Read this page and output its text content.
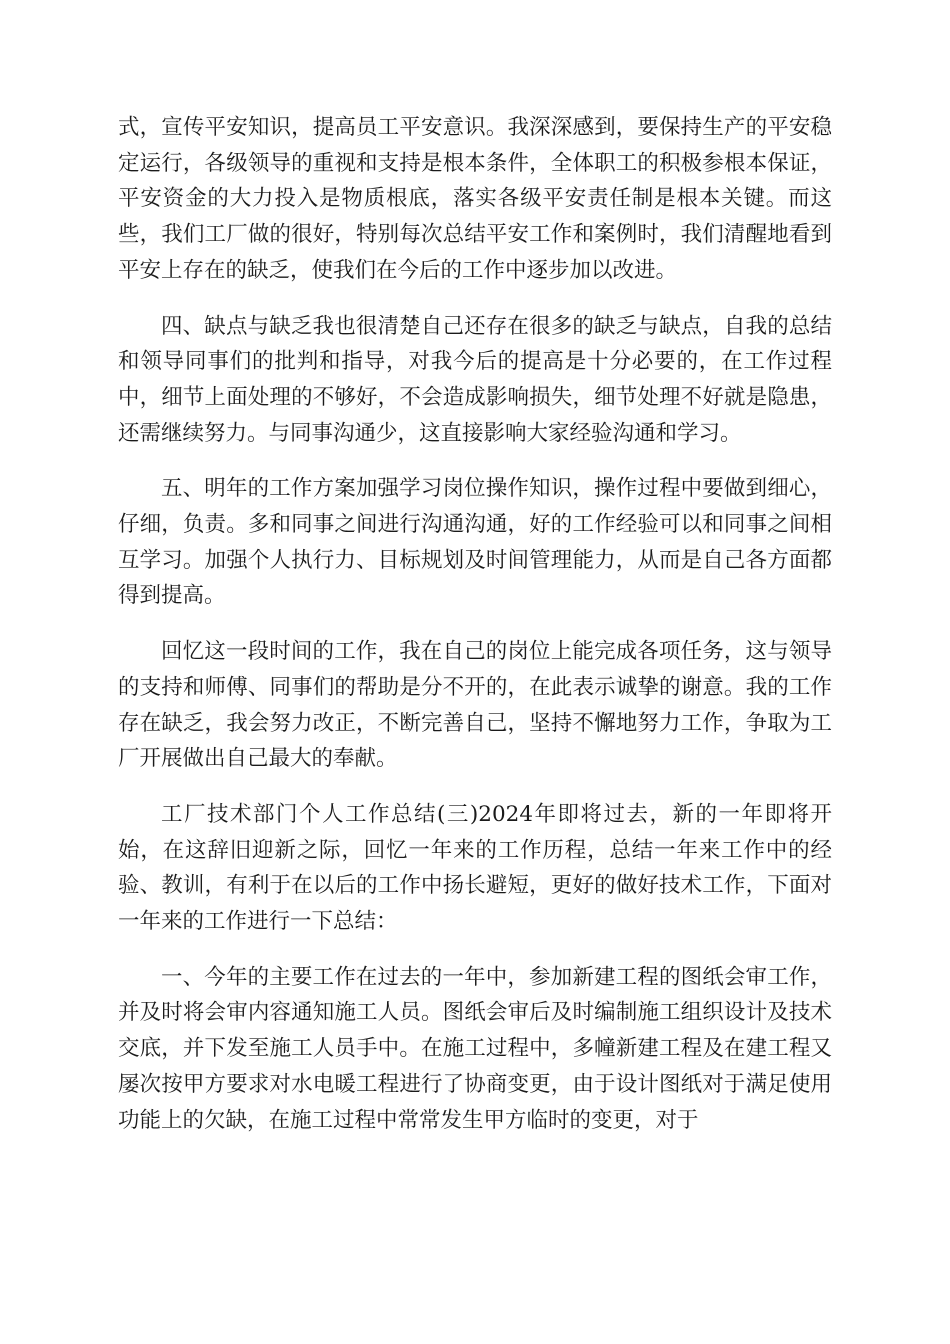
式，宣传平安知识，提高员工平安意识。我深深感到，要保持生产的平安稳定运行，各级领导的重视和支持是根本条件，全体职工的积极参根本保证，平安资金的大力投入是物质根底，落实各级平安责任制是根本关键。而这些，我们工厂做的很好，特别每次总结平安工作和案例时，我们清醒地看到平安上存在的缺乏，使我们在今后的工作中逐步加以改进。

四、缺点与缺乏我也很清楚自己还存在很多的缺乏与缺点，自我的总结和领导同事们的批判和指导，对我今后的提高是十分必要的，在工作过程中，细节上面处理的不够好，不会造成影响损失，细节处理不好就是隐患，还需继续努力。与同事沟通少，这直接影响大家经验沟通和学习。

五、明年的工作方案加强学习岗位操作知识，操作过程中要做到细心，仔细，负责。多和同事之间进行沟通沟通，好的工作经验可以和同事之间相互学习。加强个人执行力、目标规划及时间管理能力，从而是自己各方面都得到提高。

回忆这一段时间的工作，我在自己的岗位上能完成各项任务，这与领导的支持和师傅、同事们的帮助是分不开的，在此表示诚挚的谢意。我的工作存在缺乏，我会努力改正，不断完善自己，坚持不懈地努力工作，争取为工厂开展做出自己最大的奉献。

工厂技术部门个人工作总结(三)2024年即将过去，新的一年即将开始，在这辞旧迎新之际，回忆一年来的工作历程，总结一年来工作中的经验、教训，有利于在以后的工作中扬长避短，更好的做好技术工作，下面对一年来的工作进行一下总结：

一、今年的主要工作在过去的一年中，参加新建工程的图纸会审工作，并及时将会审内容通知施工人员。图纸会审后及时编制施工组织设计及技术交底，并下发至施工人员手中。在施工过程中，多幢新建工程及在建工程又屡次按甲方要求对水电暖工程进行了协商变更，由于设计图纸对于满足使用功能上的欠缺，在施工过程中常常发生甲方临时的变更，对于
